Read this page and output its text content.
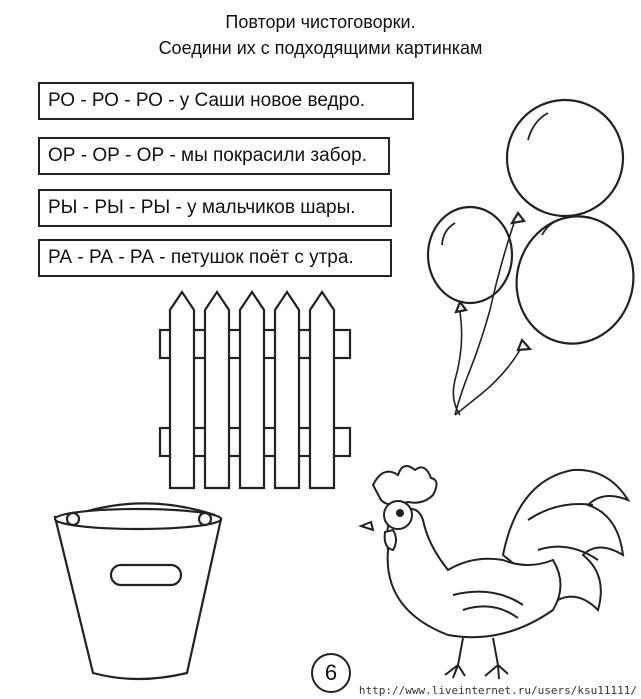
Повтори чистоговорки.
Соедини их с подходящими картинкам
РО - РО - РО - у Саши новое ведро.
ОР - ОР - ОР - мы покрасили забор.
РЫ - РЫ - РЫ - у мальчиков шары.
РА - РА - РА - петушок поёт с утра.
6
http://www.liveinternet.ru/users/ksu11111/
